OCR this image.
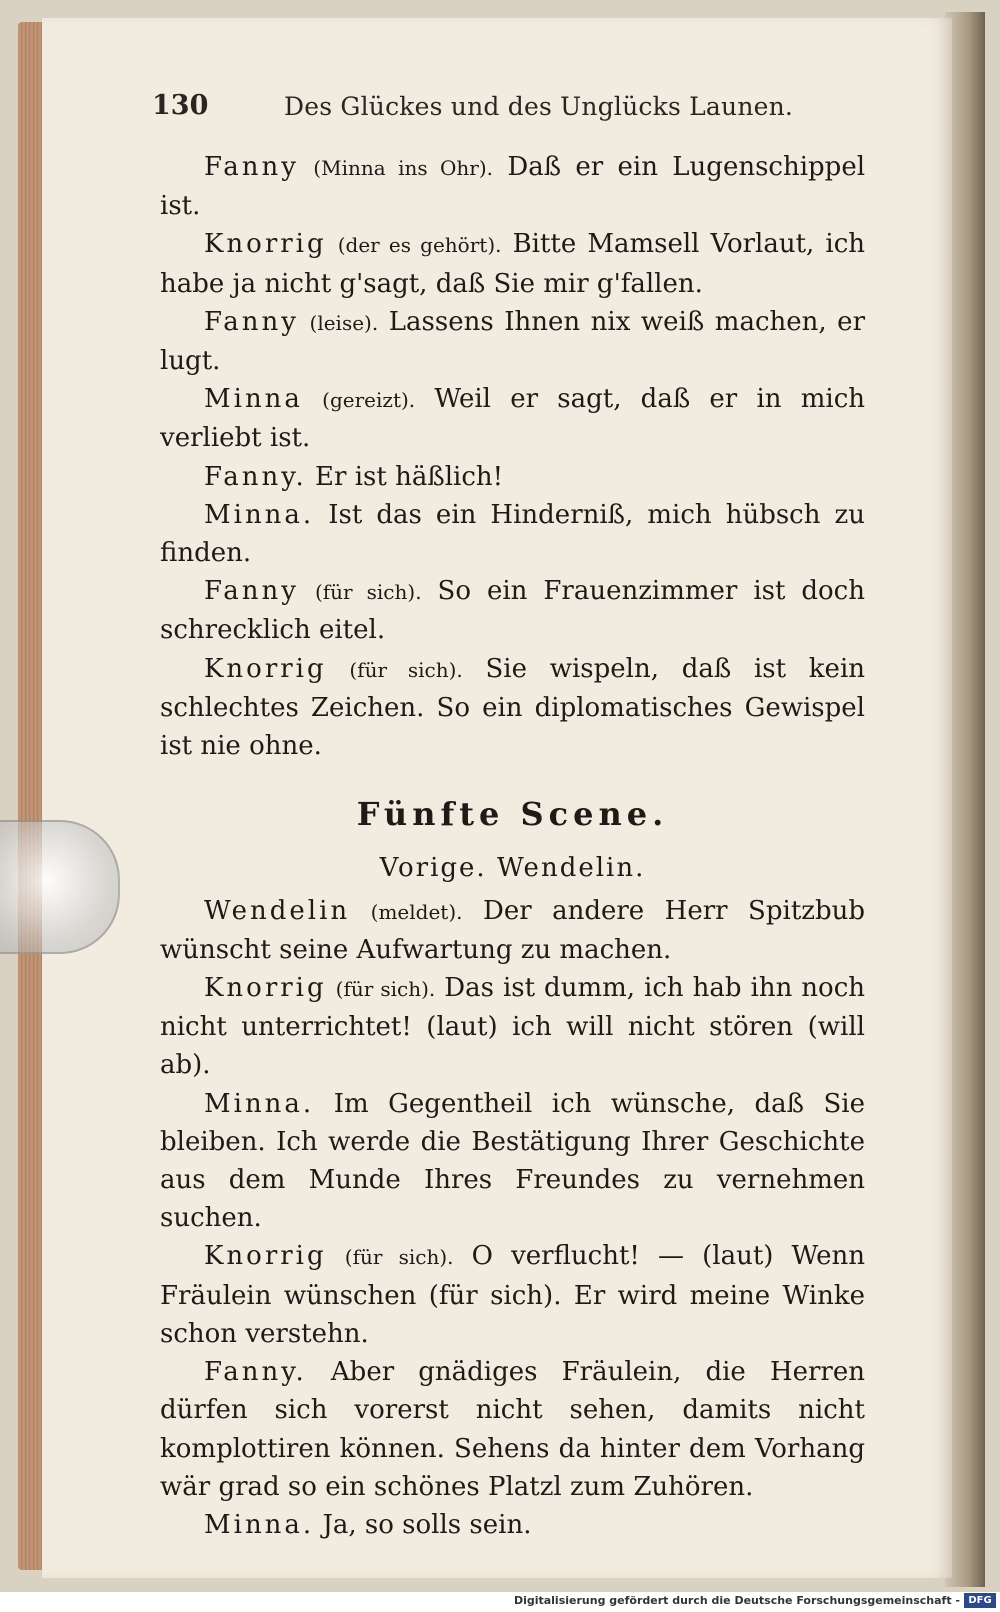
130	Des Glückes und des Unglücks Launen.

Fanny (Minna ins Ohr). Daß er ein Lugenschippel ist.

Knorrig (der es gehört). Bitte Mamsell Vorlaut, ich habe ja nicht g'sagt, daß Sie mir g'fallen.

Fanny (leise). Lassens Ihnen nix weiß machen, er lugt.

Minna (gereizt). Weil er sagt, daß er in mich verliebt ist.

Fanny. Er ist häßlich!

Minna. Ist das ein Hinderniß, mich hübsch zu finden.

Fanny (für sich). So ein Frauenzimmer ist doch schrecklich eitel.

Knorrig (für sich). Sie wispeln, daß ist kein schlechtes Zeichen. So ein diplomatisches Gewispel ist nie ohne.

Fünfte Scene.
Vorige. Wendelin.

Wendelin (meldet). Der andere Herr Spitzbub wünscht seine Aufwartung zu machen.

Knorrig (für sich). Das ist dumm, ich hab ihn noch nicht unterrichtet! (laut) ich will nicht stören (will ab).

Minna. Im Gegentheil ich wünsche, daß Sie bleiben. Ich werde die Bestätigung Ihrer Geschichte aus dem Munde Ihres Freundes zu vernehmen suchen.

Knorrig (für sich). O verflucht! — (laut) Wenn Fräulein wünschen (für sich). Er wird meine Winke schon verstehn.

Fanny. Aber gnädiges Fräulein, die Herren dürfen sich vorerst nicht sehen, damits nicht komplottiren können. Sehens da hinter dem Vorhang wär grad so ein schönes Platzl zum Zuhören.

Minna. Ja, so solls sein.

Digitalisierung gefördert durch die Deutsche Forschungsgemeinschaft - DFG
